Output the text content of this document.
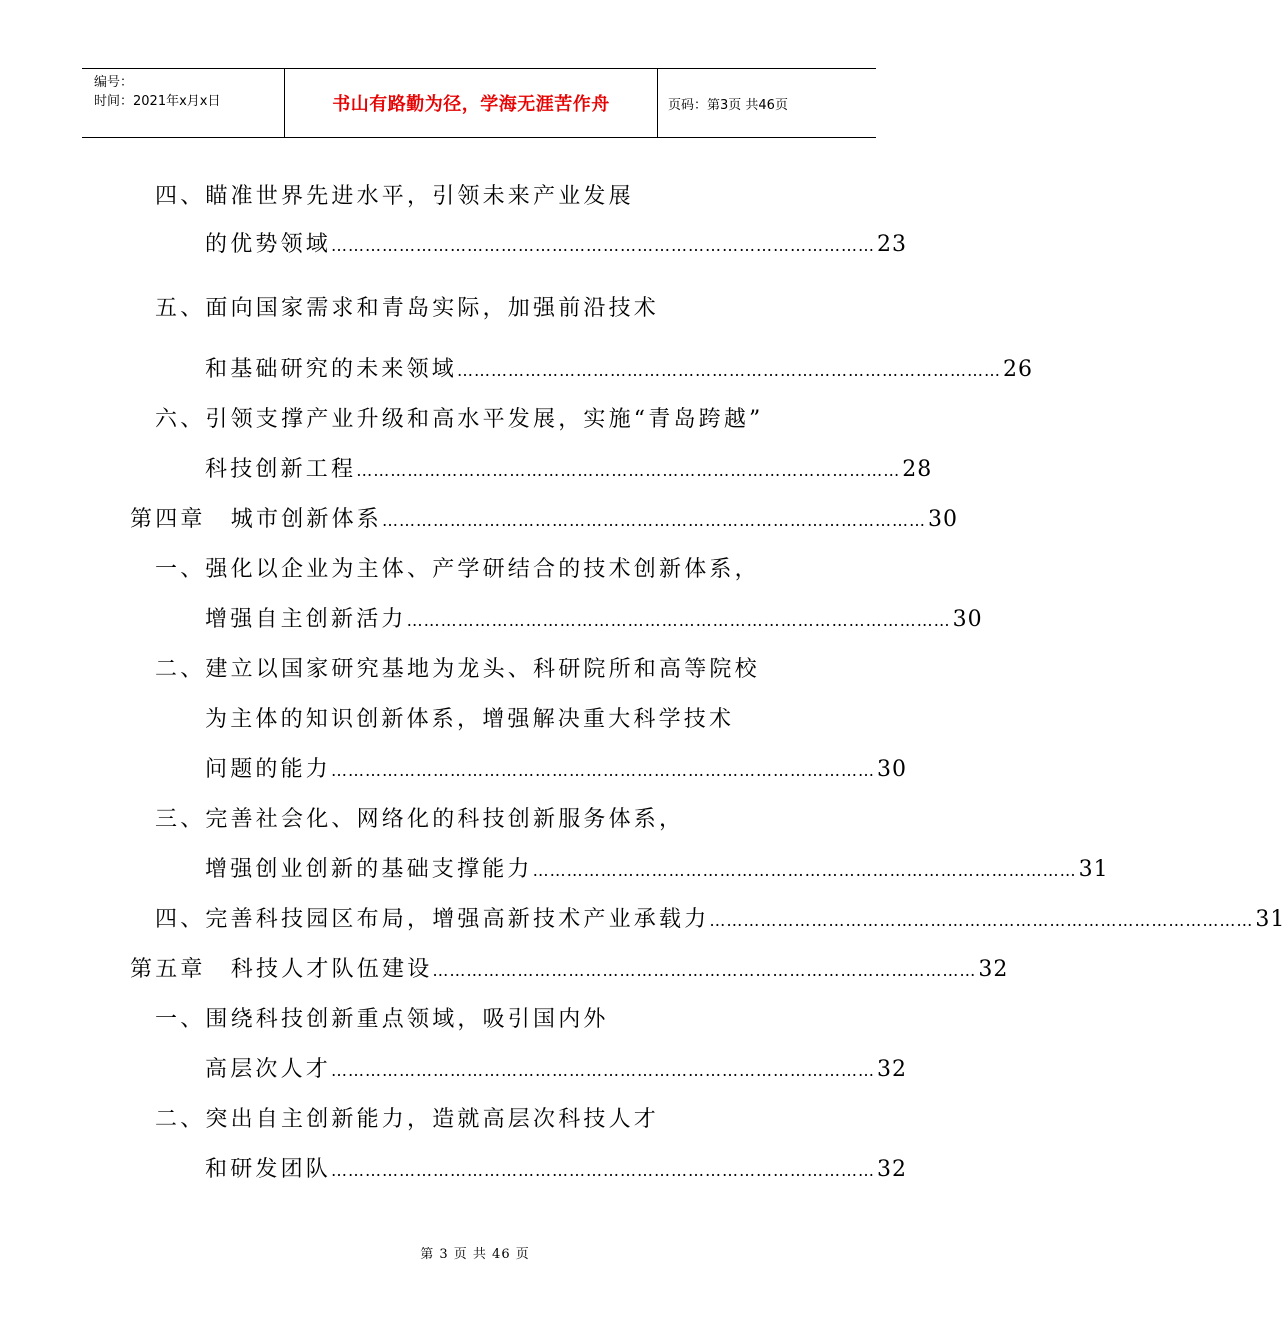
编号：
时间：2021年x月x日	书山有路勤为径，学海无涯苦作舟	页码：第3页 共46页
四、瞄准世界先进水平，引领未来产业发展
的优势领域 …………………………………………………………………………………… 23
五、面向国家需求和青岛实际，加强前沿技术
和基础研究的未来领域 …………………………………………………………………………………… 26
六、引领支撑产业升级和高水平发展，实施“青岛跨越”
科技创新工程 …………………………………………………………………………………… 28
第四章　城市创新体系 …………………………………………………………………………………… 30
一、强化以企业为主体、产学研结合的技术创新体系，
增强自主创新活力 …………………………………………………………………………………… 30
二、建立以国家研究基地为龙头、科研院所和高等院校
为主体的知识创新体系，增强解决重大科学技术
问题的能力 …………………………………………………………………………………… 30
三、完善社会化、网络化的科技创新服务体系，
增强创业创新的基础支撑能力 …………………………………………………………………………………… 31
四、完善科技园区布局，增强高新技术产业承载力 …………………………………………………………………………………… 31
第五章　科技人才队伍建设 …………………………………………………………………………………… 32
一、围绕科技创新重点领域，吸引国内外
高层次人才 …………………………………………………………………………………… 32
二、突出自主创新能力，造就高层次科技人才
和研发团队 …………………………………………………………………………………… 32
第 3 页 共 46 页
